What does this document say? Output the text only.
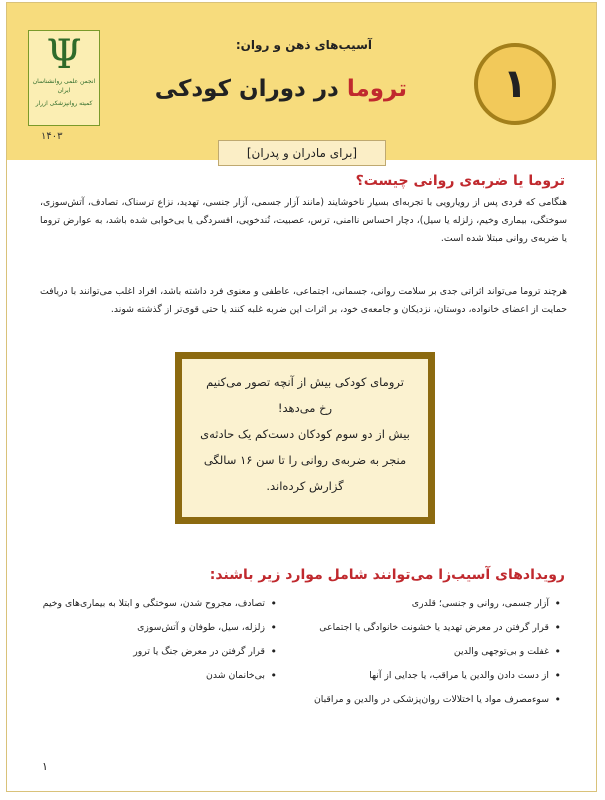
Ψ
انجمن علمی روانشناسان ایران
کمیته روانپزشکی ازرار
۱۴۰۳
آسیب‌های ذهن و روان:
تروما در دوران کودکی	۱
[برای مادران و پدران]
تروما یا ضربه‌ی روانی چیست؟

هنگامی که فردی پس از رویارویی با تجربه‌ای بسیار ناخوشایند (مانند آزار جسمی، آزار جنسی، تهدید، نزاع ترسناک، تصادف، آتش‌سوزی، سوختگی، بیماری وخیم، زلزله یا سیل)، دچار احساس ناامنی، ترس، عصبیت، تُندخویی، افسردگی یا بی‌خوابی شده باشد، به عوارض تروما یا ضربه‌ی روانی مبتلا شده است.

هرچند تروما می‌تواند اثراتی جدی بر سلامت روانی، جسمانی، اجتماعی، عاطفی و معنوی فرد داشته باشد، افراد اغلب می‌توانند با دریافت حمایت از اعضای خانواده، دوستان، نزدیکان و جامعه‌ی خود، بر اثرات این ضربه غلبه کنند یا حتی قوی‌تر از گذشته شوند.

ترومای کودکی بیش از آنچه تصور می‌کنیم

رخ می‌دهد!

بیش از دو سوم کودکان دست‌کم یک حادثه‌ی

منجر به ضربه‌ی روانی را تا سن ۱۶ سالگی

گزارش کرده‌اند.

رویدادهای آسیب‌زا می‌توانند شامل موارد زیر باشند:
• آزار جسمی، روانی و جنسی؛ قلدری
• قرار گرفتن در معرض تهدید یا خشونت خانوادگی یا اجتماعی
• غفلت و بی‌توجهی والدین
• از دست دادن والدین یا مراقب، یا جدایی از آنها
• سوء‌مصرف مواد یا اختلالات روان‌پزشکی در والدین و مراقبان
• تصادف، مجروح شدن، سوختگی و ابتلا به بیماری‌های وخیم
• زلزله، سیل، طوفان و آتش‌سوزی
• قرار گرفتن در معرض جنگ یا ترور
• بی‌خانمان شدن
۱
